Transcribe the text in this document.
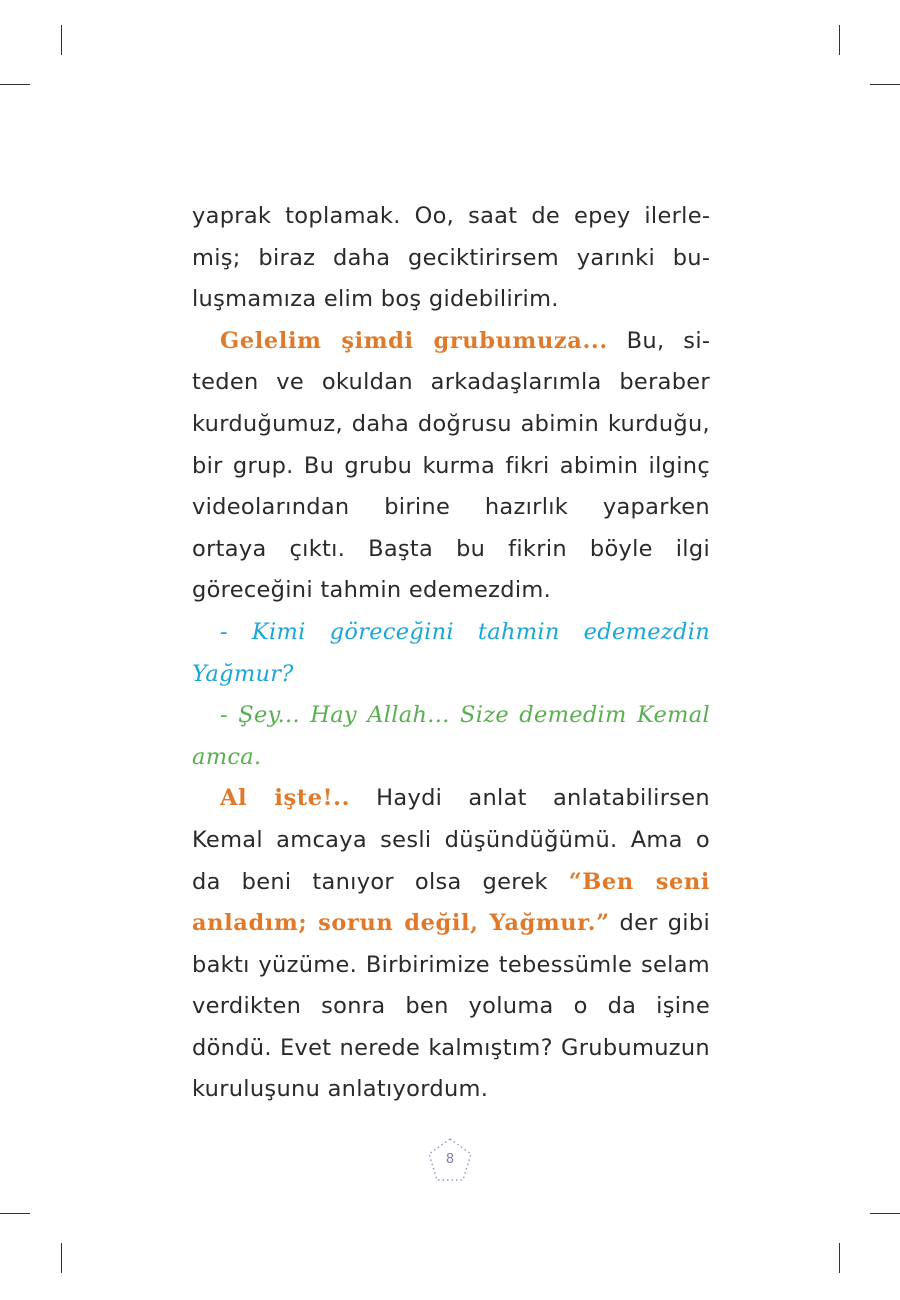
yaprak toplamak. Oo, saat de epey ilerlemiş; biraz daha geciktirirsem yarınki buluşmamıza elim boş gidebilirim.

Gelelim şimdi grubumuza... Bu, siteden ve okuldan arkadaşlarımla beraber kurduğumuz, daha doğrusu abimin kurduğu, bir grup. Bu grubu kurma fikri abimin ilginç videolarından birine hazırlık yaparken ortaya çıktı. Başta bu fikrin böyle ilgi göreceğini tahmin edemezdim.

- Kimi göreceğini tahmin edemezdin Yağmur?

- Şey... Hay Allah... Size demedim Kemal amca.

Al işte!.. Haydi anlat anlatabilirsen Kemal amcaya sesli düşündüğümü. Ama o da beni tanıyor olsa gerek “Ben seni anladım; sorun değil, Yağmur.” der gibi baktı yüzüme. Birbirimize tebessümle selam verdikten sonra ben yoluma o da işine döndü. Evet nerede kalmıştım? Grubumuzun kuruluşunu anlatıyordum.

8
